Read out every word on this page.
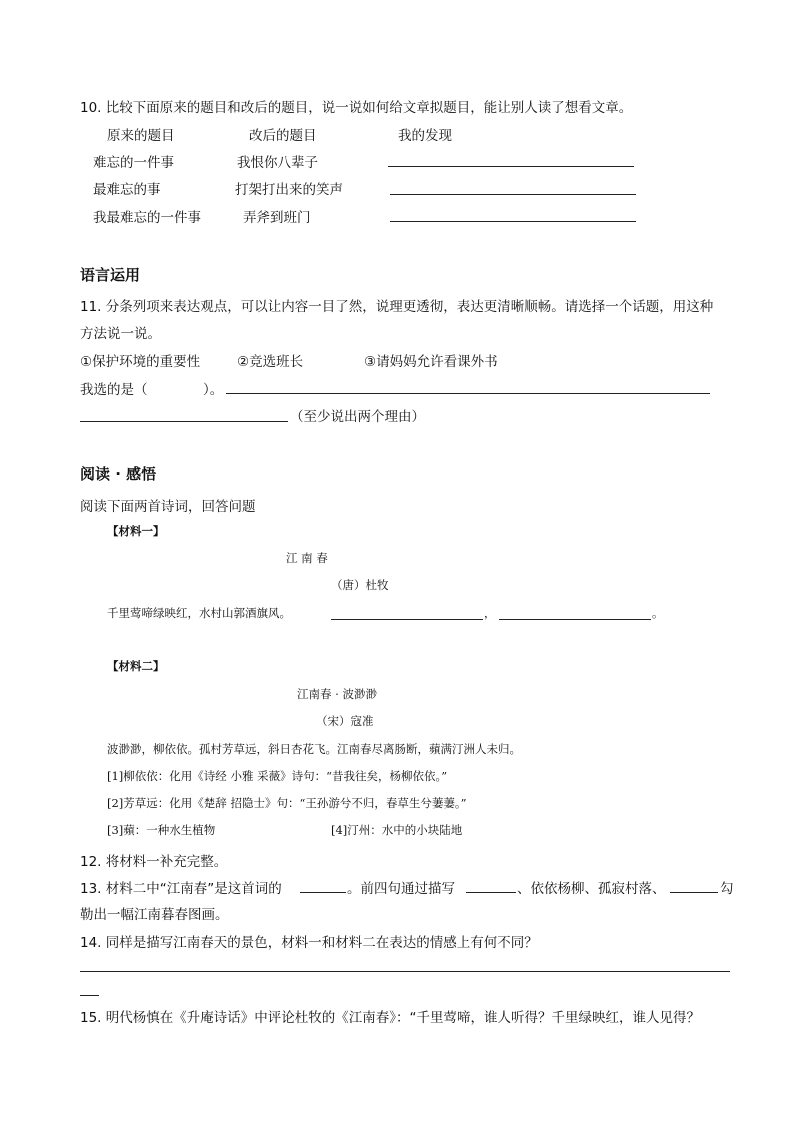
10. 比较下面原来的题目和改后的题目，说一说如何给文章拟题目，能让别人读了想看文章。
原来的题目	改后的题目	我的发现
难忘的一件事	我恨你八辈子
最难忘的事	打架打出来的笑声
我最难忘的一件事	弄斧到班门
语言运用
11. 分条列项来表达观点，可以让内容一目了然，说理更透彻，表达更清晰顺畅。请选择一个话题，用这种
方法说一说。
①保护环境的重要性	②竞选班长	③请妈妈允许看课外书
我选的是（	）。
（至少说出两个理由）
阅读 · 感悟
阅读下面两首诗词，回答问题
【材料一】
江 南 春
（唐）杜牧
千里莺啼绿映红，水村山郭酒旗风。	，	。
【材料二】
江南春 · 波渺渺
（宋）寇准
波渺渺，柳依依。孤村芳草远，斜日杏花飞。江南春尽离肠断，蘋满汀洲人未归。
[1]柳依依：化用《诗经 小雅 采薇》诗句：“昔我往矣，杨柳依依。”
[2]芳草远：化用《楚辞 招隐士》句：“王孙游兮不归，春草生兮萋萋。”
[3]蘋：一种水生植物	[4]汀州：水中的小块陆地
12. 将材料一补充完整。
13. 材料二中“江南春”是这首词的	。前四句通过描写	、依依杨柳、孤寂村落、	勾
勒出一幅江南暮春图画。
14. 同样是描写江南春天的景色，材料一和材料二在表达的情感上有何不同？
15. 明代杨慎在《升庵诗话》中评论杜牧的《江南春》：“千里莺啼，谁人听得？千里绿映红，谁人见得？
